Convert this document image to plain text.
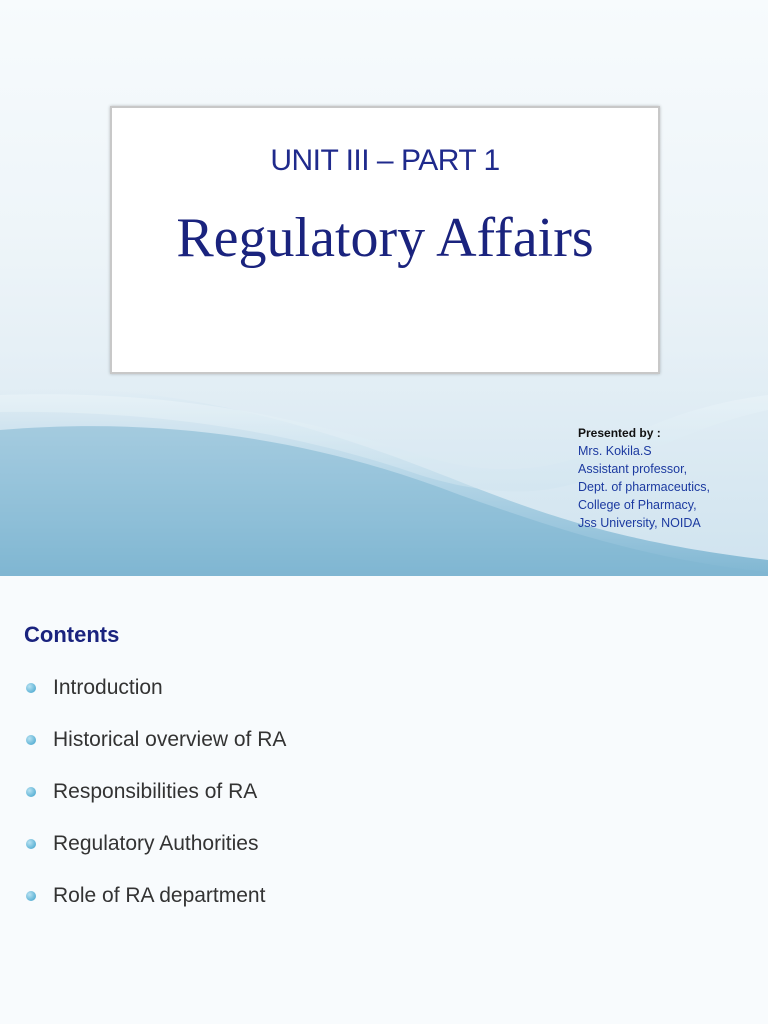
UNIT III – PART 1
Regulatory Affairs
Presented by :
Mrs. Kokila.S
Assistant professor,
Dept. of pharmaceutics,
College of Pharmacy,
Jss University, NOIDA
Contents
Introduction
Historical overview of RA
Responsibilities of RA
Regulatory Authorities
Role of RA department
